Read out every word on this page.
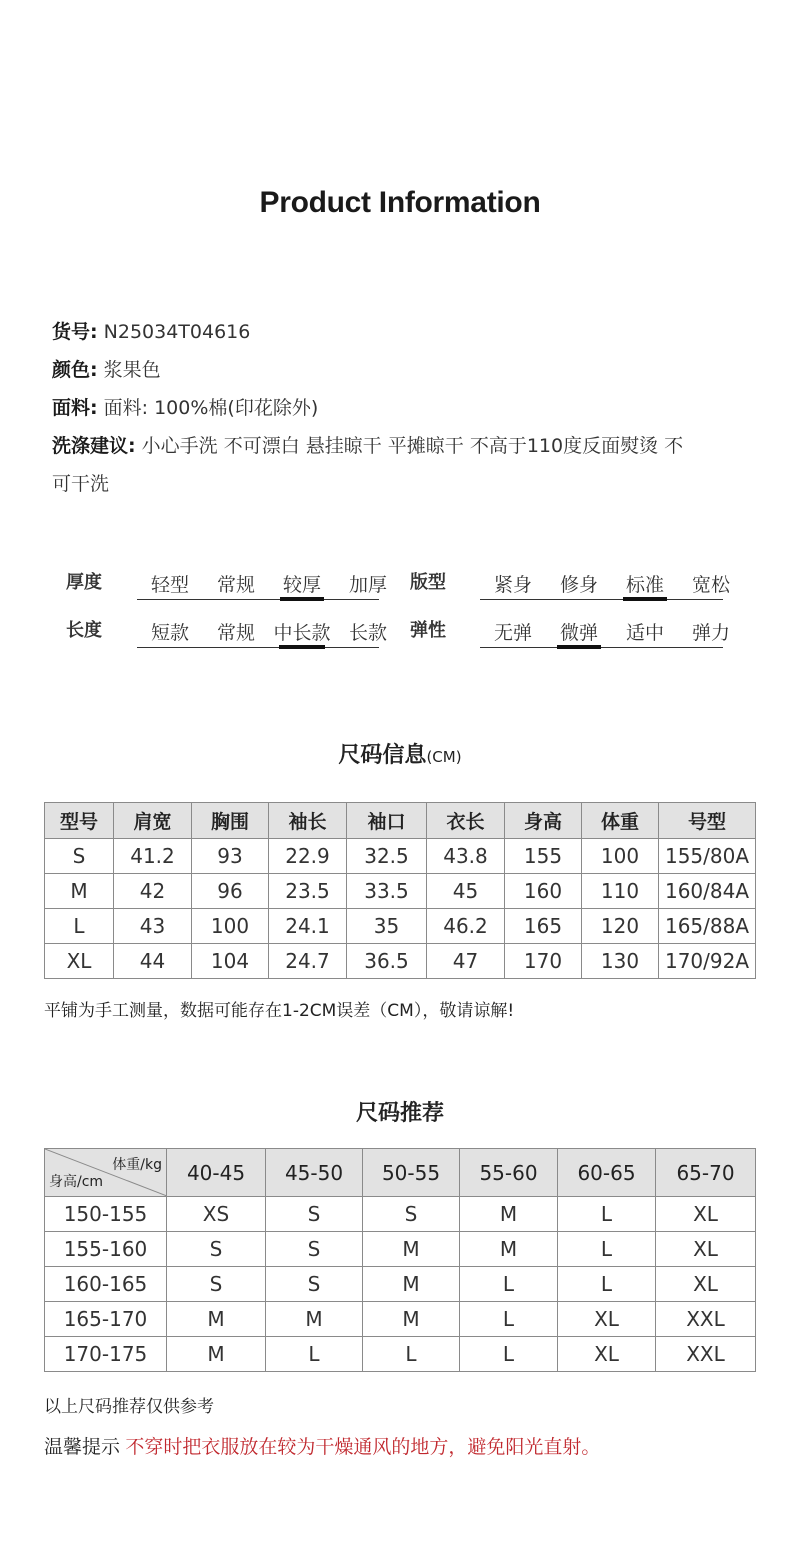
Product Information
货号: N25034T04616
颜色: 浆果色
面料: 面料: 100%棉(印花除外)
洗涤建议: 小心手洗 不可漂白 悬挂晾干 平摊晾干 不高于110度反面熨烫 不
可干洗
厚度	轻型	常规	较厚	加厚	版型	紧身	修身	标准	宽松
长度	短款	常规 中长款 长款	弹性	无弹	微弹	适中	弹力
尺码信息(CM)
型号	肩宽	胸围	袖长	袖口	衣长	身高	体重	号型
S	41.2	93	22.9	32.5	43.8	155	100	155/80A
M	42	96	23.5	33.5	45	160	110	160/84A
L	43	100	24.1	35	46.2	165	120	165/88A
XL	44	104	24.7	36.5	47	170	130	170/92A
平铺为手工测量，数据可能存在1-2CM误差（CM），敬请谅解!
尺码推荐
体重/kg
身高/cm	40-45	45-50	50-55	55-60	60-65	65-70
150-155	XS	S	S	M	L	XL
155-160	S	S	M	M	L	XL
160-165	S	S	M	L	L	XL
165-170	M	M	M	L	XL	XXL
170-175	M	L	L	L	XL	XXL
以上尺码推荐仅供参考
温馨提示 不穿时把衣服放在较为干燥通风的地方，避免阳光直射。
